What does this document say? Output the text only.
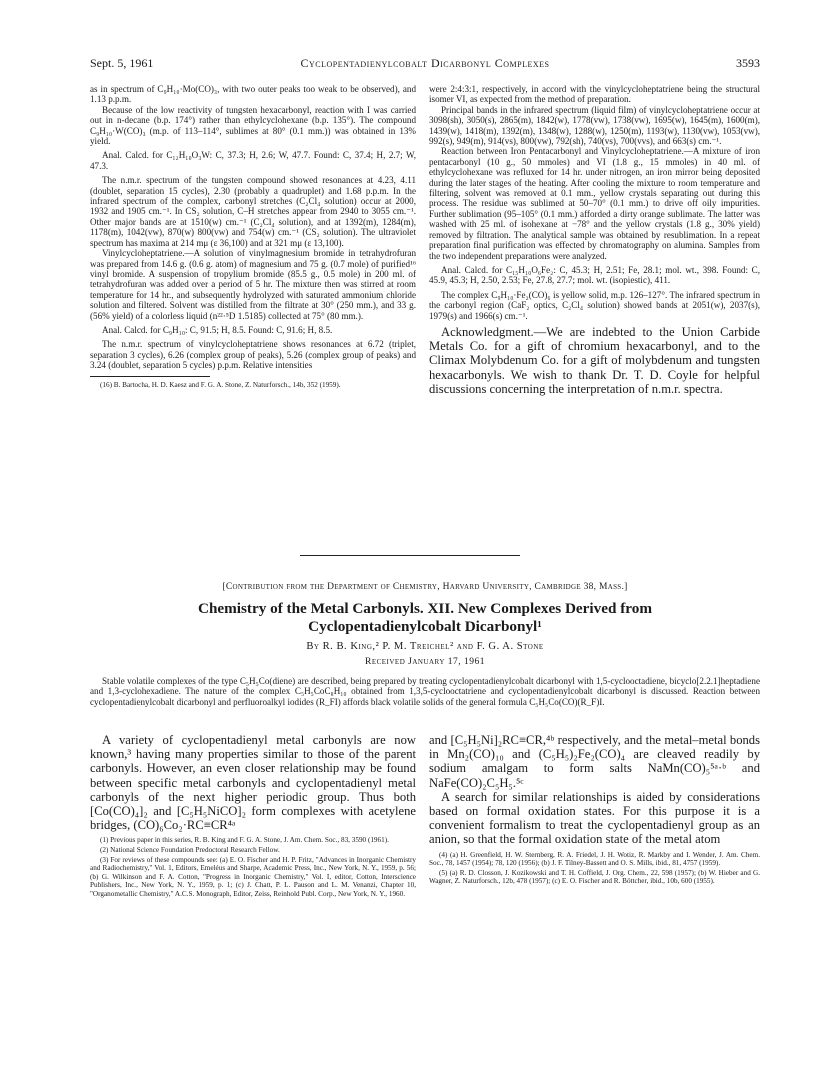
Sept. 5, 1961	Cyclopentadienylcobalt Dicarbonyl Complexes	3593

as in spectrum of C₉H₁₀·Mo(CO)₃, with two outer peaks too weak to be observed), and 1.13 p.p.m.

Because of the low reactivity of tungsten hexacarbonyl, reaction with I was carried out in n-decane (b.p. 174°) rather than ethylcyclohexane (b.p. 135°). The compound C₉H₁₀·W(CO)₃ (m.p. of 113–114°, sublimes at 80° (0.1 mm.)) was obtained in 13% yield.

Anal. Calcd. for C₁₂H₁₀O₃W: C, 37.3; H, 2.6; W, 47.7. Found: C, 37.4; H, 2.7; W, 47.3.

The n.m.r. spectrum of the tungsten compound showed resonances at 4.23, 4.11 (doublet, separation 15 cycles), 2.30 (probably a quadruplet) and 1.68 p.p.m. In the infrared spectrum of the complex, carbonyl stretches (C₂Cl₄ solution) occur at 2000, 1932 and 1905 cm.⁻¹. In CS₂ solution, C–H stretches appear from 2940 to 3055 cm.⁻¹. Other major bands are at 1510(w) cm.⁻¹ (C₂Cl₄ solution), and at 1392(m), 1284(m), 1178(m), 1042(vw), 870(w) 800(vw) and 754(w) cm.⁻¹ (CS₂ solution). The ultraviolet spectrum has maxima at 214 mμ (ε 36,100) and at 321 mμ (ε 13,100).

Vinylcycloheptatriene.—A solution of vinylmagnesium bromide in tetrahydrofuran was prepared from 14.6 g. (0.6 g. atom) of magnesium and 75 g. (0.7 mole) of purified¹⁶ vinyl bromide. A suspension of tropylium bromide (85.5 g., 0.5 mole) in 200 ml. of tetrahydrofuran was added over a period of 5 hr. The mixture then was stirred at room temperature for 14 hr., and subsequently hydrolyzed with saturated ammonium chloride solution and filtered. Solvent was distilled from the filtrate at 30° (250 mm.), and 33 g. (56% yield) of a colorless liquid (n²²·⁵D 1.5185) collected at 75° (80 mm.).

Anal. Calcd. for C₉H₁₀: C, 91.5; H, 8.5. Found: C, 91.6; H, 8.5.

The n.m.r. spectrum of vinylcycloheptatriene shows resonances at 6.72 (triplet, separation 3 cycles), 6.26 (complex group of peaks), 5.26 (complex group of peaks) and 3.24 (doublet, separation 5 cycles) p.p.m. Relative intensities

(16) B. Bartocha, H. D. Kaesz and F. G. A. Stone, Z. Naturforsch., 14b, 352 (1959).

were 2:4:3:1, respectively, in accord with the vinylcycloheptatriene being the structural isomer VI, as expected from the method of preparation.

Principal bands in the infrared spectrum (liquid film) of vinylcycloheptatriene occur at 3098(sh), 3050(s), 2865(m), 1842(w), 1778(vw), 1738(vw), 1695(w), 1645(m), 1600(m), 1439(w), 1418(m), 1392(m), 1348(w), 1288(w), 1250(m), 1193(w), 1130(vw), 1053(vw), 992(s), 949(m), 914(vs), 800(vw), 792(sh), 740(vs), 700(vvs), and 663(s) cm.⁻¹.

Reaction between Iron Pentacarbonyl and Vinylcycloheptatriene.—A mixture of iron pentacarbonyl (10 g., 50 mmoles) and VI (1.8 g., 15 mmoles) in 40 ml. of ethylcyclohexane was refluxed for 14 hr. under nitrogen, an iron mirror being deposited during the later stages of the heating. After cooling the mixture to room temperature and filtering, solvent was removed at 0.1 mm., yellow crystals separating out during this process. The residue was sublimed at 50–70° (0.1 mm.) to drive off oily impurities. Further sublimation (95–105° (0.1 mm.) afforded a dirty orange sublimate. The latter was washed with 25 ml. of isohexane at −78° and the yellow crystals (1.8 g., 30% yield) removed by filtration. The analytical sample was obtained by resublimation. In a repeat preparation final purification was effected by chromatography on alumina. Samples from the two independent preparations were analyzed.

Anal. Calcd. for C₁₅H₁₀O₆Fe₂: C, 45.3; H, 2.51; Fe, 28.1; mol. wt., 398. Found: C, 45.9, 45.3; H, 2.50, 2.53; Fe, 27.8, 27.7; mol. wt. (isopiestic), 411.

The complex C₉H₁₀·Fe₂(CO)₆ is yellow solid, m.p. 126–127°. The infrared spectrum in the carbonyl region (CaF₂ optics, C₂Cl₄ solution) showed bands at 2051(w), 2037(s), 1979(s) and 1966(s) cm.⁻¹.

Acknowledgment.—We are indebted to the Union Carbide Metals Co. for a gift of chromium hexacarbonyl, and to the Climax Molybdenum Co. for a gift of molybdenum and tungsten hexacarbonyls. We wish to thank Dr. T. D. Coyle for helpful discussions concerning the interpretation of n.m.r. spectra.

[Contribution from the Department of Chemistry, Harvard University, Cambridge 38, Mass.]
Chemistry of the Metal Carbonyls. XII. New Complexes Derived from
Cyclopentadienylcobalt Dicarbonyl¹
By R. B. King,² P. M. Treichel² and F. G. A. Stone
Received January 17, 1961
Stable volatile complexes of the type C₅H₅Co(diene) are described, being prepared by treating cyclopentadienylcobalt dicarbonyl with 1,5-cyclooctadiene, bicyclo[2.2.1]heptadiene and 1,3-cyclohexadiene. The nature of the complex C₅H₅CoC₈H₁₀ obtained from 1,3,5-cyclooctatriene and cyclopentadienylcobalt dicarbonyl is discussed. Reaction between cyclopentadienylcobalt dicarbonyl and perfluoroalkyl iodides (R_FI) affords black volatile solids of the general formula C₅H₅Co(CO)(R_F)I.

A variety of cyclopentadienyl metal carbonyls are now known,³ having many properties similar to those of the parent carbonyls. However, an even closer relationship may be found between specific metal carbonyls and cyclopentadienyl metal carbonyls of the next higher periodic group. Thus both [Co(CO)₄]₂ and [C₅H₅NiCO]₂ form complexes with acetylene bridges, (CO)₆Co₂·RC≡CR⁴ᵃ

(1) Previous paper in this series, R. B. King and F. G. A. Stone, J. Am. Chem. Soc., 83, 3590 (1961).

(2) National Science Foundation Predoctoral Research Fellow.

(3) For reviews of these compounds see: (a) E. O. Fischer and H. P. Fritz, "Advances in Inorganic Chemistry and Radiochemistry," Vol. 1, Editors, Emeléus and Sharpe, Academic Press, Inc., New York, N. Y., 1959, p. 56; (b) G. Wilkinson and F. A. Cotton, "Progress in Inorganic Chemistry," Vol. I, editor, Cotton, Interscience Publishers, Inc., New York, N. Y., 1959, p. 1; (c) J. Chatt, P. L. Pauson and L. M. Venanzi, Chapter 10, "Organometallic Chemistry," A.C.S. Monograph, Editor, Zeiss, Reinhold Publ. Corp., New York, N. Y., 1960.

and [C₅H₅Ni]₂RC≡CR,⁴ᵇ respectively, and the metal–metal bonds in Mn₂(CO)₁₀ and (C₅H₅)₂Fe₂(CO)₄ are cleaved readily by sodium amalgam to form salts NaMn(CO)₅⁵ᵃ·ᵇ and NaFe(CO)₂C₅H₅.⁵ᶜ

A search for similar relationships is aided by considerations based on formal oxidation states. For this purpose it is a convenient formalism to treat the cyclopentadienyl group as an anion, so that the formal oxidation state of the metal atom

(4) (a) H. Greenfield, H. W. Sternberg, R. A. Friedel, J. H. Wotiz, R. Markby and I. Wender, J. Am. Chem. Soc., 78, 1457 (1954); 78, 120 (1956); (b) J. F. Tilney-Bassett and O. S. Mills, ibid., 81, 4757 (1959).

(5) (a) R. D. Closson, J. Kozikowski and T. H. Coffield, J. Org. Chem., 22, 598 (1957); (b) W. Hieber and G. Wagner, Z. Naturforsch., 12b, 478 (1957); (c) E. O. Fischer and R. Böttcher, ibid., 10b, 600 (1955).
